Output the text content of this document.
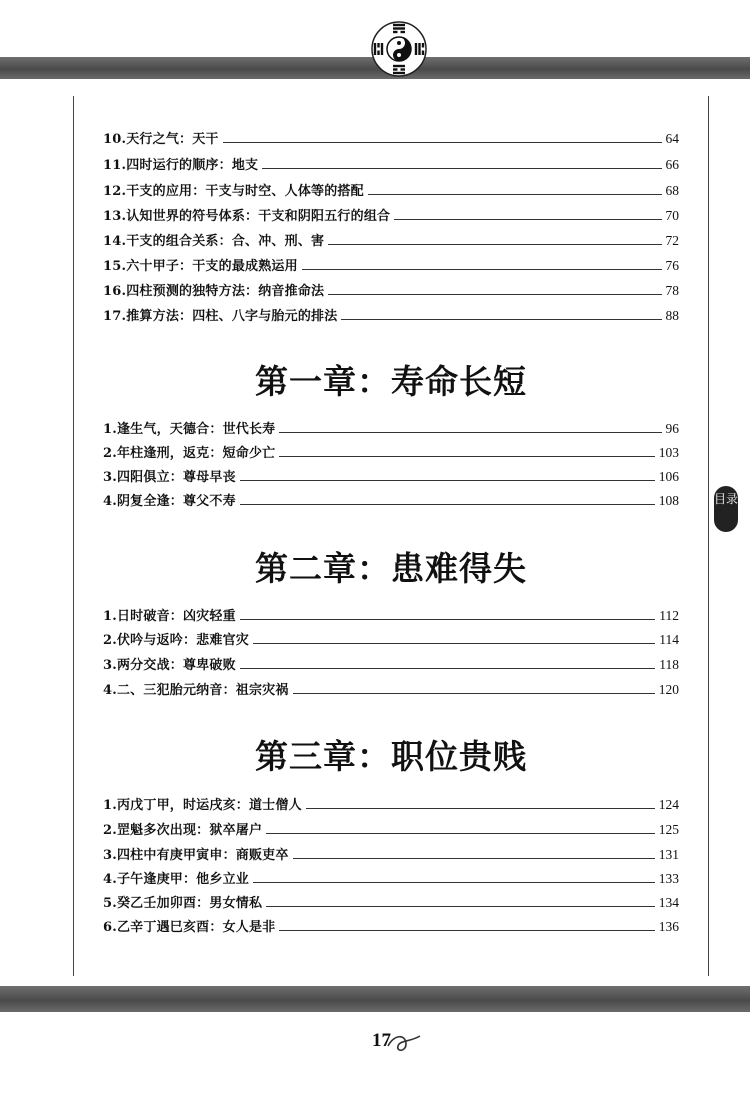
目录
10.天行之气：天干	64
11.四时运行的顺序：地支	66
12.干支的应用：干支与时空、人体等的搭配	68
13.认知世界的符号体系：干支和阴阳五行的组合	70
14.干支的组合关系：合、冲、刑、害	72
15.六十甲子：干支的最成熟运用	76
16.四柱预测的独特方法：纳音推命法	78
17.推算方法：四柱、八字与胎元的排法	88
第一章：寿命长短
1.逢生气，天德合：世代长寿	96
2.年柱逢刑，返克：短命少亡	103
3.四阳俱立：尊母早丧	106
4.阴复全逢：尊父不寿	108
第二章：患难得失
1.日时破音：凶灾轻重	112
2.伏吟与返吟：悲难官灾	114
3.两分交战：尊卑破败	118
4.二、三犯胎元纳音：祖宗灾祸	120
第三章：职位贵贱
1.丙戊丁甲，时运戌亥：道士僧人	124
2.罡魁多次出现：狱卒屠户	125
3.四柱中有庚甲寅申：商贩吏卒	131
4.子午逢庚甲：他乡立业	133
5.癸乙壬加卯酉：男女情私	134
6.乙辛丁遇巳亥酉：女人是非	136
17
